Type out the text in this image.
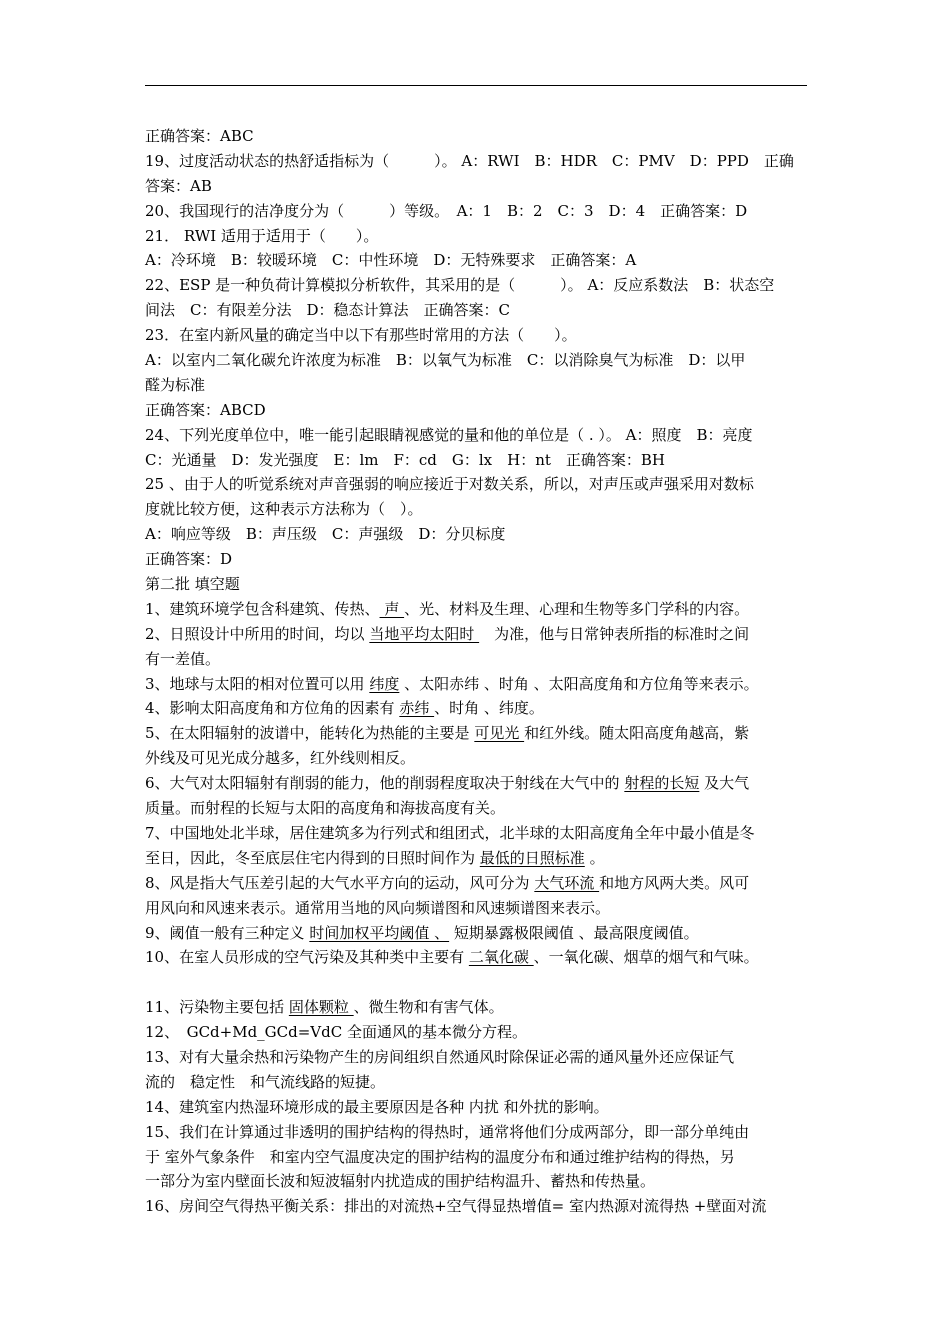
正确答案：ABC
19、过度活动状态的热舒适指标为（　　　）。 A：RWI　B：HDR　C：PMV　D：PPD　正确
答案：AB
20、我国现行的洁净度分为（　　　）等级。　A：1　B：2　C：3　D：4　正确答案：D
21． RWI 适用于适用于（　　）。
A：冷环境　B：较暖环境　C：中性环境　D：无特殊要求　正确答案：A
22、ESP 是一种负荷计算模拟分析软件，其采用的是（　　　）。 A：反应系数法　B：状态空
间法　C：有限差分法　D：稳态计算法　正确答案：C
23．在室内新风量的确定当中以下有那些时常用的方法（　　）。
A：以室内二氧化碳允许浓度为标准　B：以氧气为标准　C：以消除臭气为标准　D：以甲
醛为标准
正确答案：ABCD
24、下列光度单位中，唯一能引起眼睛视感觉的量和他的单位是（ . ）。 A：照度　B：亮度
C：光通量　D：发光强度　E：lm　F：cd　G：lx　H：nt　正确答案：BH
25 、由于人的听觉系统对声音强弱的响应接近于对数关系，所以，对声压或声强采用对数标
度就比较方便，这种表示方法称为（　）。
A：响应等级　B：声压级　C：声强级　D：分贝标度
正确答案：D
第二批 填空题
1、建筑环境学包含科建筑、传热、 声 、光、材料及生理、心理和生物等多门学科的内容。
2、日照设计中所用的时间，均以 当地平均太阳时 　为准，他与日常钟表所指的标准时之间
有一差值。
3、地球与太阳的相对位置可以用 纬度 、太阳赤纬 、时角 、太阳高度角和方位角等来表示。
4、影响太阳高度角和方位角的因素有 赤纬 、时角 、纬度。
5、在太阳辐射的波谱中，能转化为热能的主要是 可见光 和红外线。随太阳高度角越高，紫
外线及可见光成分越多，红外线则相反。
6、大气对太阳辐射有削弱的能力，他的削弱程度取决于射线在大气中的 射程的长短 及大气
质量。而射程的长短与太阳的高度角和海拔高度有关。
7、中国地处北半球，居住建筑多为行列式和组团式，北半球的太阳高度角全年中最小值是冬
至日，因此，冬至底层住宅内得到的日照时间作为 最低的日照标准 。
8、风是指大气压差引起的大气水平方向的运动，风可分为 大气环流 和地方风两大类。风可
用风向和风速来表示。通常用当地的风向频谱图和风速频谱图来表示。
9、阈值一般有三种定义 时间加权平均阈值 、 短期暴露极限阈值 、最高限度阈值。
10、在室人员形成的空气污染及其种类中主要有 二氧化碳 、一氧化碳、烟草的烟气和气味。
11、污染物主要包括 固体颗粒 、微生物和有害气体。
12、　GCd+Md_GCd=VdC 全面通风的基本微分方程。
13、对有大量余热和污染物产生的房间组织自然通风时除保证必需的通风量外还应保证气
流的　稳定性　和气流线路的短捷。
14、建筑室内热湿环境形成的最主要原因是各种 内扰 和外扰的影响。
15、我们在计算通过非透明的围护结构的得热时，通常将他们分成两部分，即一部分单纯由
于 室外气象条件　和室内空气温度决定的围护结构的温度分布和通过维护结构的得热，另
一部分为室内壁面长波和短波辐射内扰造成的围护结构温升、蓄热和传热量。
16、房间空气得热平衡关系：排出的对流热+空气得显热增值= 室内热源对流得热 +壁面对流
